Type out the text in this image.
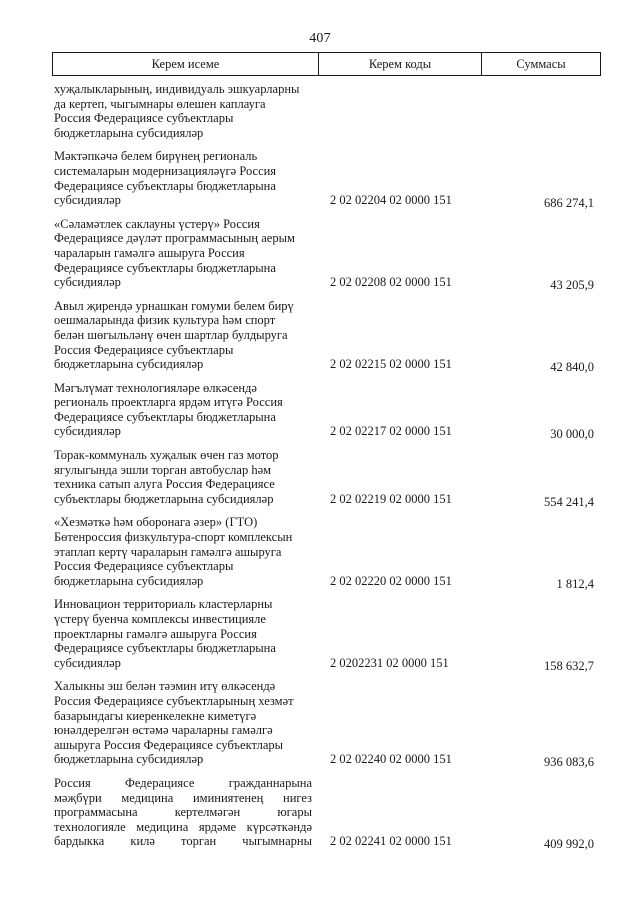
407
Керем исеме	Керем коды	Суммасы
хуҗалыкларының, индивидуаль эшкуарларны
да кертеп, чыгымнары өлешен каплауга
Россия Федерациясе субъектлары
бюджетларына субсидияләр
Мәктәпкәчә белем бирүнең региональ
системаларын модернизацияләүгә Россия
Федерациясе субъектлары бюджетларына
субсидияләр	2 02 02204 02 0000 151	686 274,1
«Сәламәтлек саклауны үстерү» Россия
Федерациясе дәүләт программасының аерым
чараларын гамәлгә ашыруга Россия
Федерациясе субъектлары бюджетларына
субсидияләр	2 02 02208 02 0000 151	43 205,9
Авыл җирендә урнашкан гомуми белем бирү
оешмаларында физик культура һәм спорт
белән шөгыльләнү өчен шартлар булдыруга
Россия Федерациясе субъектлары
бюджетларына субсидияләр	2 02 02215 02 0000 151	42 840,0
Мәгълүмат технологияләре өлкәсендә
региональ проектларга ярдәм итүгә Россия
Федерациясе субъектлары бюджетларына
субсидияләр	2 02 02217 02 0000 151	30 000,0
Торак-коммуналь хуҗалык өчен газ мотор
ягулыгында эшли торган автобуслар һәм
техника сатып алуга Россия Федерациясе
субъектлары бюджетларына субсидияләр	2 02 02219 02 0000 151	554 241,4
«Хезмәткә һәм оборонага әзер» (ГТО)
Бөтенроссия физкультура-спорт комплексын
этаплап кертү чараларын гамәлгә ашыруга
Россия Федерациясе субъектлары
бюджетларына субсидияләр	2 02 02220 02 0000 151	1 812,4
Инновацион территориаль кластерларны
үстерү буенча комплексы инвестицияле
проектларны гамәлгә ашыруга Россия
Федерациясе субъектлары бюджетларына
субсидияләр	2 0202231 02 0000 151	158 632,7
Халыкны эш белән тәэмин итү өлкәсендә
Россия Федерациясе субъектларының хезмәт
базарындагы киеренкелекне киметүгә
юнәлдерелгән өстәмә чараларны гамәлгә
ашыруга Россия Федерациясе субъектлары
бюджетларына субсидияләр	2 02 02240 02 0000 151	936 083,6
Россия Федерациясе гражданнарына
мәҗбүри медицина иминиятенең нигез
программасына кертелмәгән югары
технологияле медицина ярдәме күрсәткәндә
бардыкка килә торган чыгымнарны 2 02 02241 02 0000 151	409 992,0
